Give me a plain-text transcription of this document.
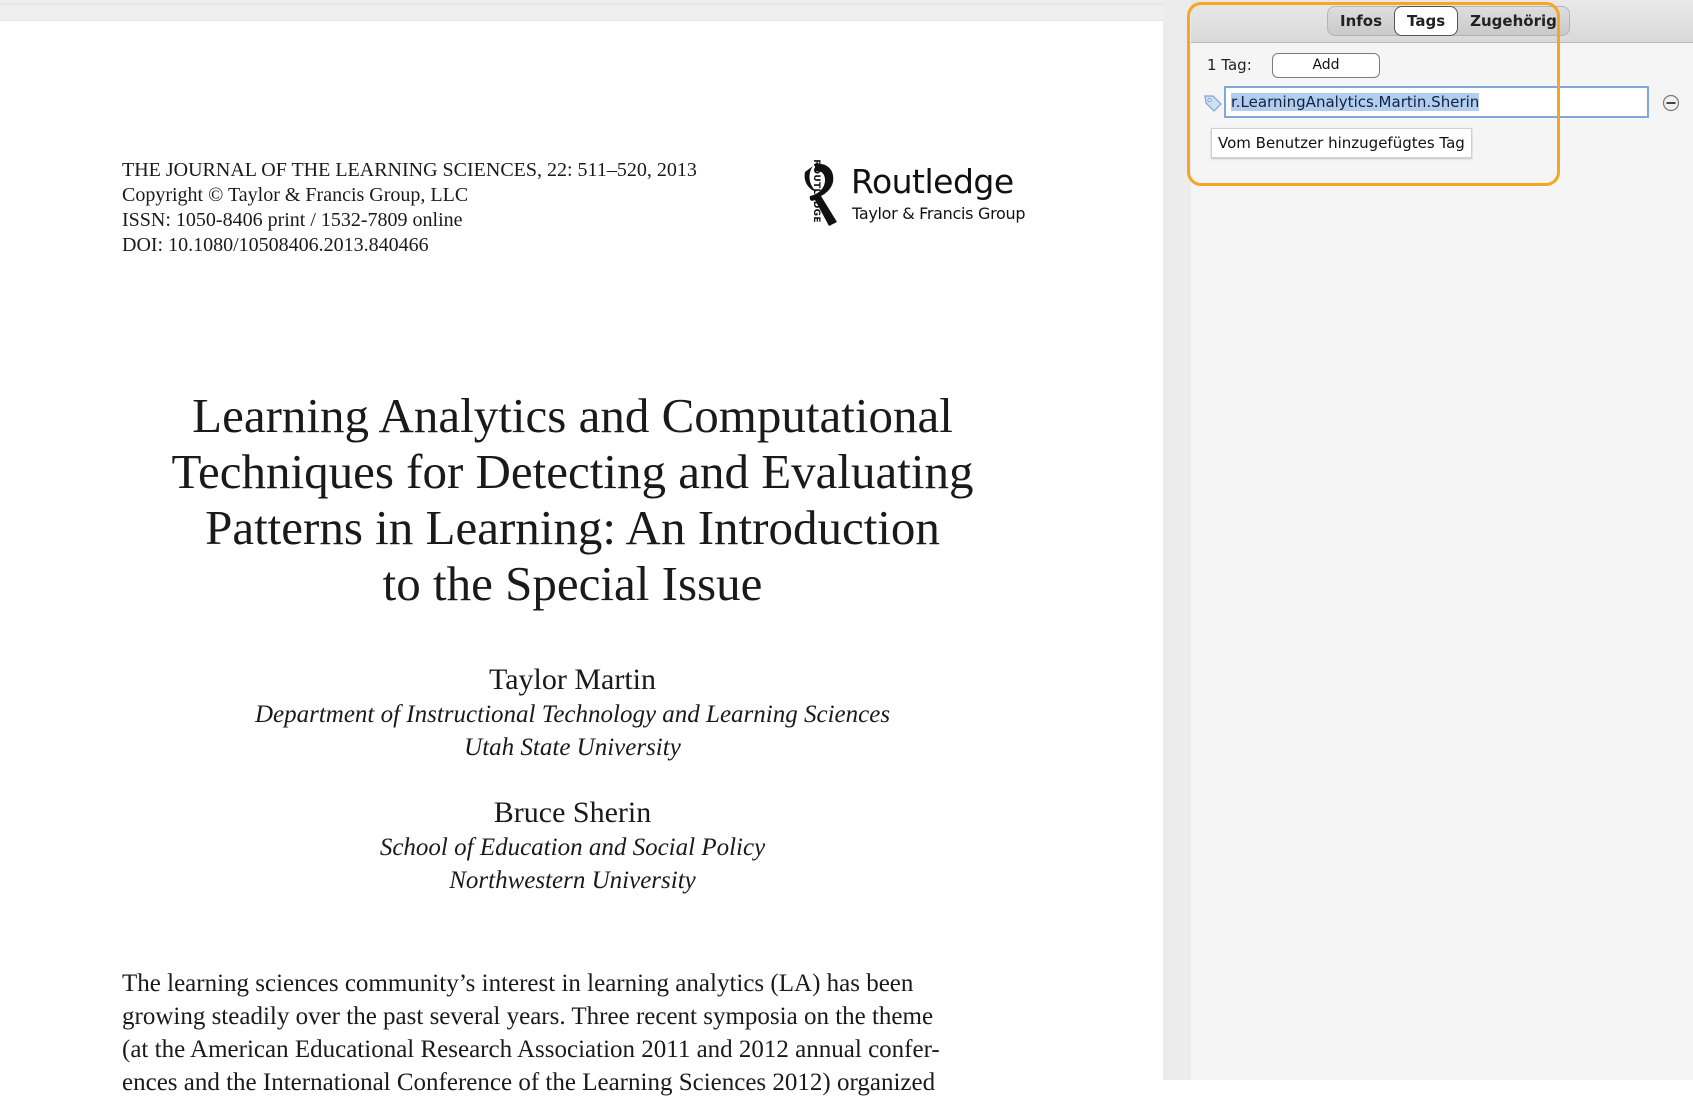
THE JOURNAL OF THE LEARNING SCIENCES, 22: 511–520, 2013
Copyright © Taylor & Francis Group, LLC
ISSN: 1050-8406 print / 1532-7809 online
DOI: 10.1080/10508406.2013.840466
ROUTLEDGE Routledge
Taylor & Francis Group
Learning Analytics and Computational
Techniques for Detecting and Evaluating
Patterns in Learning: An Introduction
to the Special Issue
Taylor Martin
Department of Instructional Technology and Learning Sciences
Utah State University
Bruce Sherin
School of Education and Social Policy
Northwestern University
The learning sciences community’s interest in learning analytics (LA) has been
growing steadily over the past several years. Three recent symposia on the theme
(at the American Educational Research Association 2011 and 2012 annual confer-
ences and the International Conference of the Learning Sciences 2012) organized
Infos	Tags	Zugehörig
1 Tag:	Add
r.LearningAnalytics.Martin.Sherin
Vom Benutzer hinzugefügtes Tag
